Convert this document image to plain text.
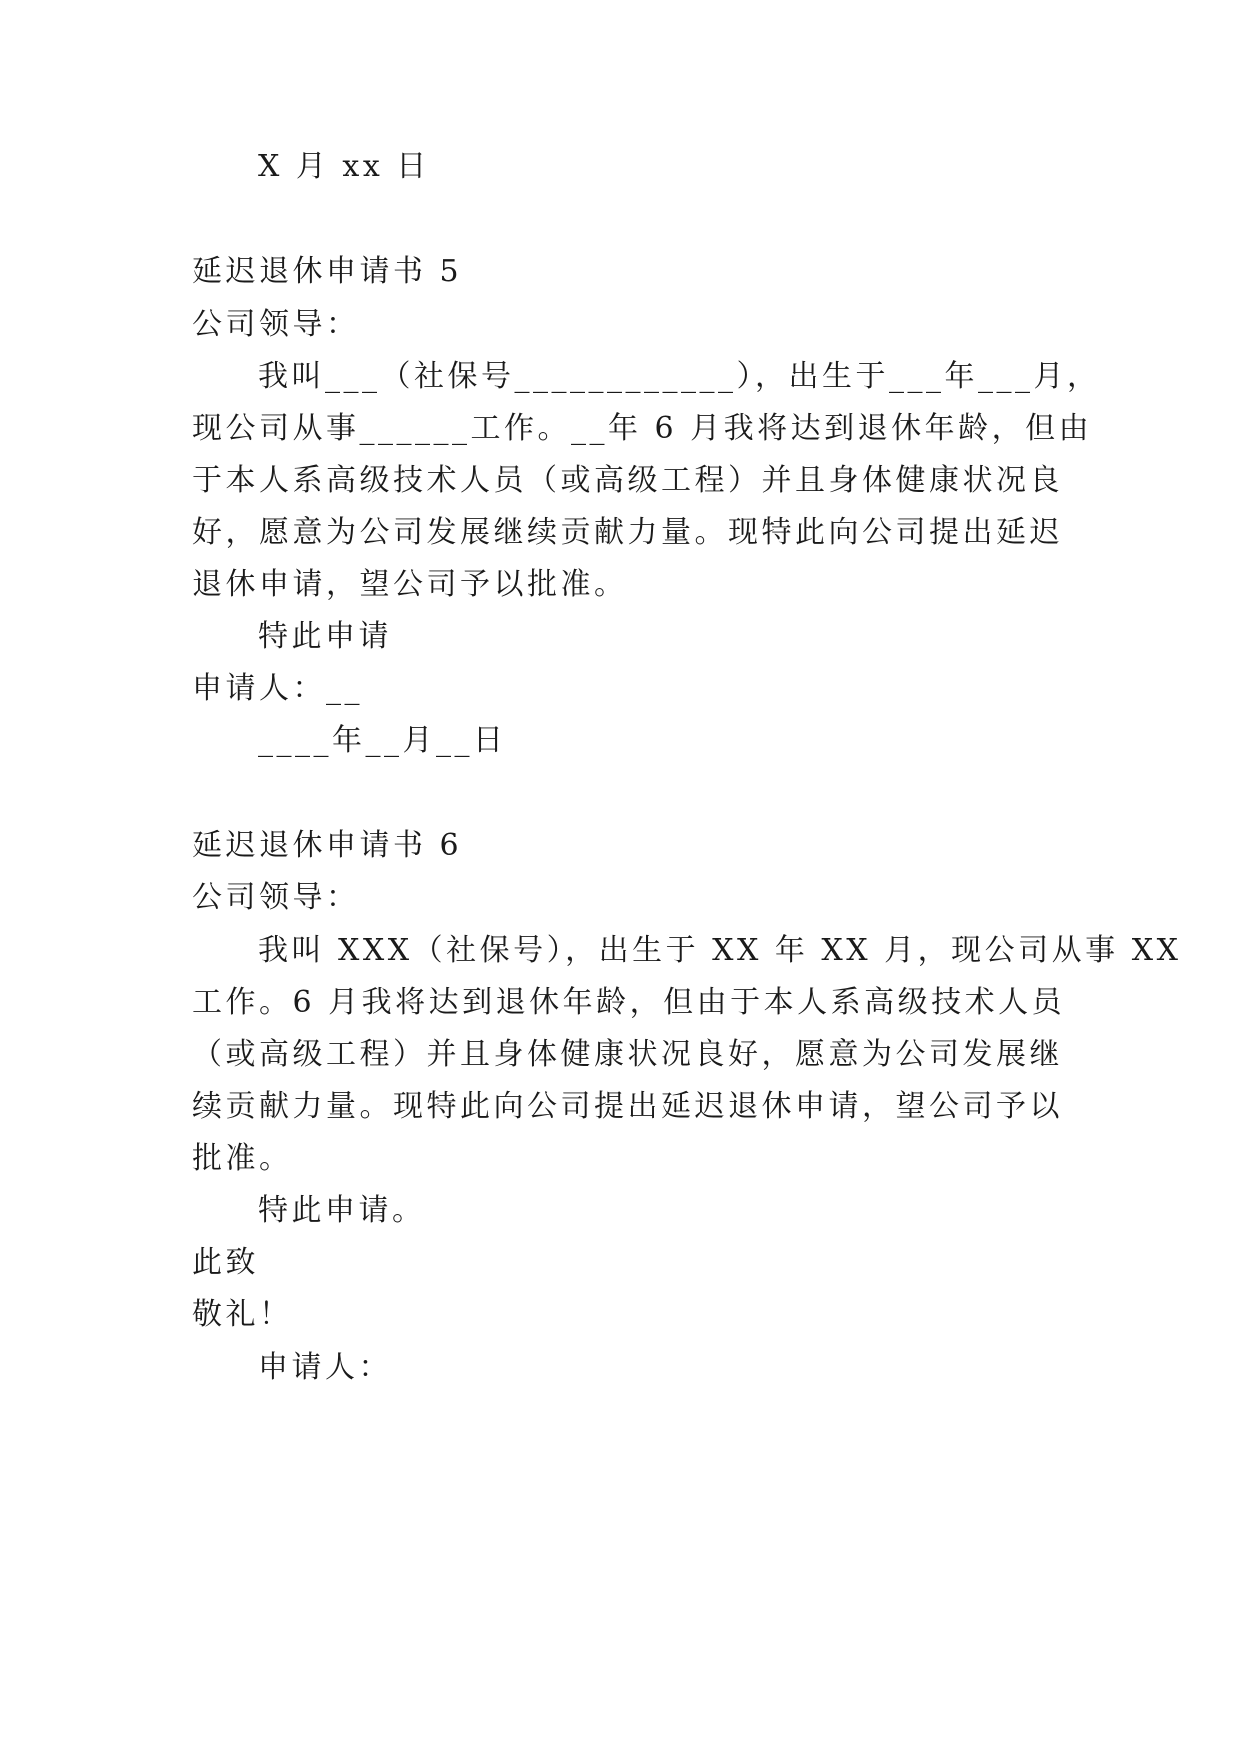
X 月 xx 日
延迟退休申请书 5
公司领导：
我叫___（社保号____________），出生于___年___月，
现公司从事______工作。__年 6 月我将达到退休年龄，但由
于本人系高级技术人员（或高级工程）并且身体健康状况良
好，愿意为公司发展继续贡献力量。现特此向公司提出延迟
退休申请，望公司予以批准。
特此申请
申请人：__
____年__月__日
延迟退休申请书 6
公司领导：
我叫 XXX（社保号），出生于 XX 年 XX 月，现公司从事 XX
工作。6 月我将达到退休年龄，但由于本人系高级技术人员
（或高级工程）并且身体健康状况良好，愿意为公司发展继
续贡献力量。现特此向公司提出延迟退休申请，望公司予以
批准。
特此申请。
此致
敬礼！
申请人：
